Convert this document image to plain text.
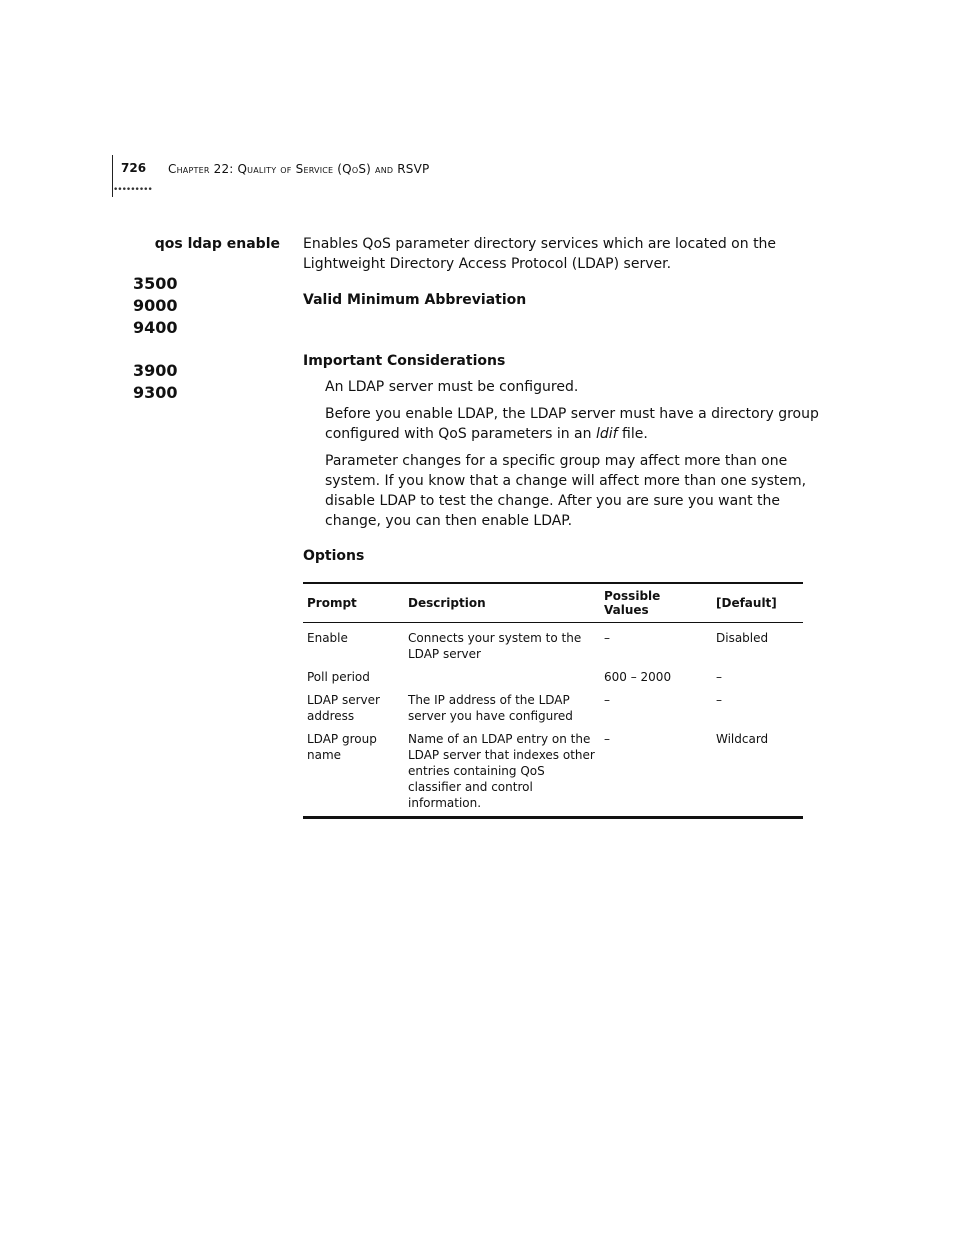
726
•••••••••
Chapter 22: Quality of Service (QoS) and RSVP
qos ldap enable
3500
9000
9400
3900
9300

Enables QoS parameter directory services which are located on the Lightweight Directory Access Protocol (LDAP) server.

Valid Minimum Abbreviation
Important Considerations

An LDAP server must be configured.

Before you enable LDAP, the LDAP server must have a directory group configured with QoS parameters in an ldif file.

Parameter changes for a specific group may affect more than one system. If you know that a change will affect more than one system, disable LDAP to test the change. After you are sure you want the change, you can then enable LDAP.

Options
Prompt	Description	Possible Values	[Default]
Enable	Connects your system to the LDAP server	–	Disabled
Poll period		600 – 2000	–
LDAP server address	The IP address of the LDAP server you have configured	–	–
LDAP group name	Name of an LDAP entry on the LDAP server that indexes other entries containing QoS classifier and control information.	–	Wildcard
